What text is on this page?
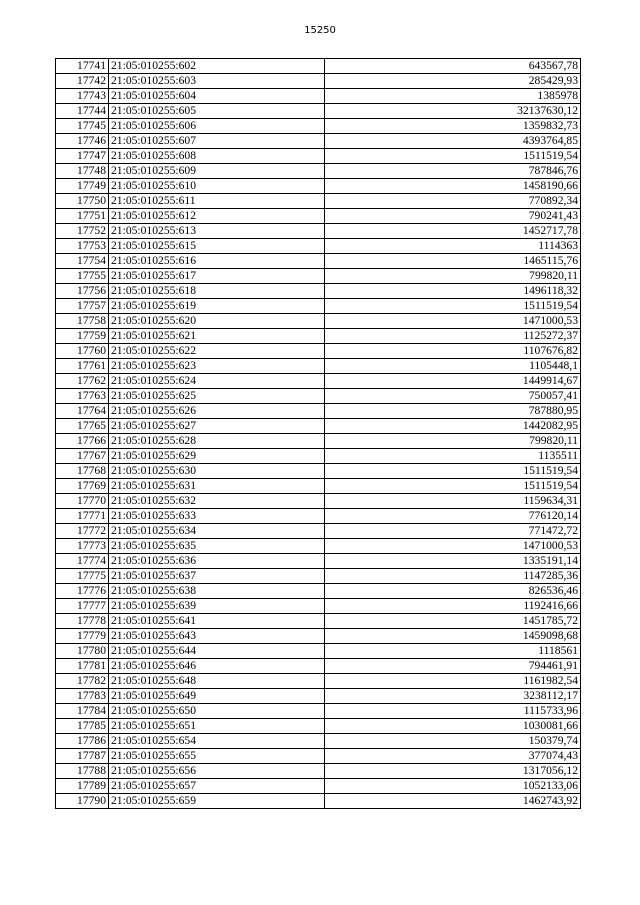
15250
17741	21:05:010255:602	643567,78
17742	21:05:010255:603	285429,93
17743	21:05:010255:604	1385978
17744	21:05:010255:605	32137630,12
17745	21:05:010255:606	1359832,73
17746	21:05:010255:607	4393764,85
17747	21:05:010255:608	1511519,54
17748	21:05:010255:609	787846,76
17749	21:05:010255:610	1458190,66
17750	21:05:010255:611	770892,34
17751	21:05:010255:612	790241,43
17752	21:05:010255:613	1452717,78
17753	21:05:010255:615	1114363
17754	21:05:010255:616	1465115,76
17755	21:05:010255:617	799820,11
17756	21:05:010255:618	1496118,32
17757	21:05:010255:619	1511519,54
17758	21:05:010255:620	1471000,53
17759	21:05:010255:621	1125272,37
17760	21:05:010255:622	1107676,82
17761	21:05:010255:623	1105448,1
17762	21:05:010255:624	1449914,67
17763	21:05:010255:625	750057,41
17764	21:05:010255:626	787880,95
17765	21:05:010255:627	1442082,95
17766	21:05:010255:628	799820,11
17767	21:05:010255:629	1135511
17768	21:05:010255:630	1511519,54
17769	21:05:010255:631	1511519,54
17770	21:05:010255:632	1159634,31
17771	21:05:010255:633	776120,14
17772	21:05:010255:634	771472,72
17773	21:05:010255:635	1471000,53
17774	21:05:010255:636	1335191,14
17775	21:05:010255:637	1147285,36
17776	21:05:010255:638	826536,46
17777	21:05:010255:639	1192416,66
17778	21:05:010255:641	1451785,72
17779	21:05:010255:643	1459098,68
17780	21:05:010255:644	1118561
17781	21:05:010255:646	794461,91
17782	21:05:010255:648	1161982,54
17783	21:05:010255:649	3238112,17
17784	21:05:010255:650	1115733,96
17785	21:05:010255:651	1030081,66
17786	21:05:010255:654	150379,74
17787	21:05:010255:655	377074,43
17788	21:05:010255:656	1317056,12
17789	21:05:010255:657	1052133,06
17790	21:05:010255:659	1462743,92
